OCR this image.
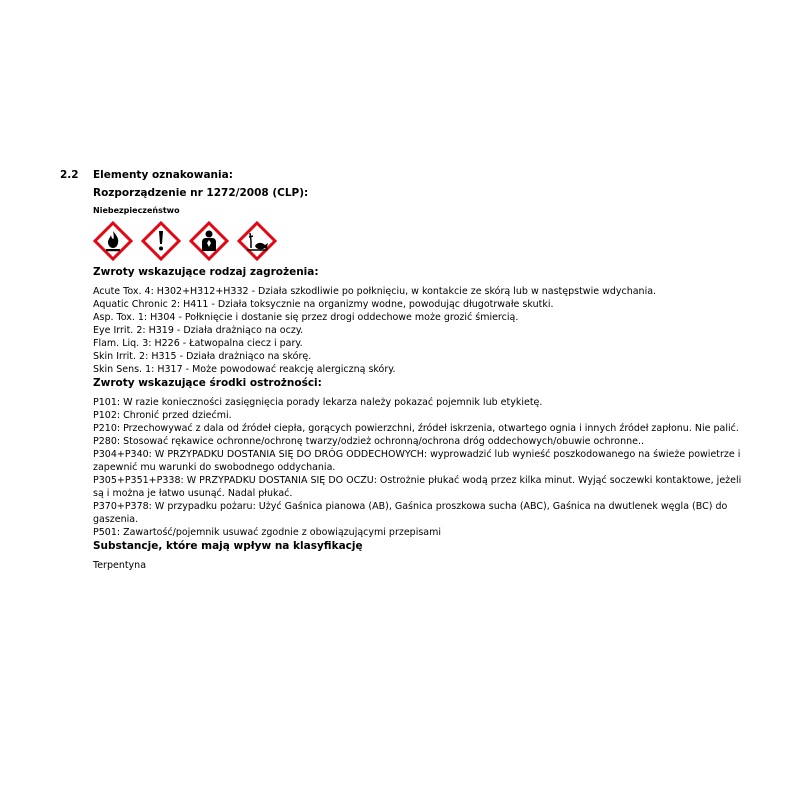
2.2 Elementy oznakowania:
Rozporządzenie nr 1272/2008 (CLP):
Niebezpieczeństwo
Zwroty wskazujące rodzaj zagrożenia:
Acute Tox. 4: H302+H312+H332 - Działa szkodliwie po połknięciu, w kontakcie ze skórą lub w następstwie wdychania.
Aquatic Chronic 2: H411 - Działa toksycznie na organizmy wodne, powodując długotrwałe skutki.
Asp. Tox. 1: H304 - Połknięcie i dostanie się przez drogi oddechowe może grozić śmiercią.
Eye Irrit. 2: H319 - Działa drażniąco na oczy.
Flam. Liq. 3: H226 - Łatwopalna ciecz i pary.
Skin Irrit. 2: H315 - Działa drażniąco na skórę.
Skin Sens. 1: H317 - Może powodować reakcję alergiczną skóry.
Zwroty wskazujące środki ostrożności:
P101: W razie konieczności zasięgnięcia porady lekarza należy pokazać pojemnik lub etykietę.
P102: Chronić przed dziećmi.
P210: Przechowywać z dala od źródeł ciepła, gorących powierzchni, źródeł iskrzenia, otwartego ognia i innych źródeł zapłonu. Nie palić.
P280: Stosować rękawice ochronne/ochronę twarzy/odzież ochronną/ochrona dróg oddechowych/obuwie ochronne..
P304+P340: W PRZYPADKU DOSTANIA SIĘ DO DRÓG ODDECHOWYCH: wyprowadzić lub wynieść poszkodowanego na świeże powietrze i zapewnić mu warunki do swobodnego oddychania.
P305+P351+P338: W PRZYPADKU DOSTANIA SIĘ DO OCZU: Ostrożnie płukać wodą przez kilka minut. Wyjąć soczewki kontaktowe, jeżeli są i można je łatwo usunąć. Nadal płukać.
P370+P378: W przypadku pożaru: Użyć Gaśnica pianowa (AB), Gaśnica proszkowa sucha (ABC), Gaśnica na dwutlenek węgla (BC) do gaszenia.
P501: Zawartość/pojemnik usuwać zgodnie z obowiązującymi przepisami
Substancje, które mają wpływ na klasyfikację
Terpentyna
